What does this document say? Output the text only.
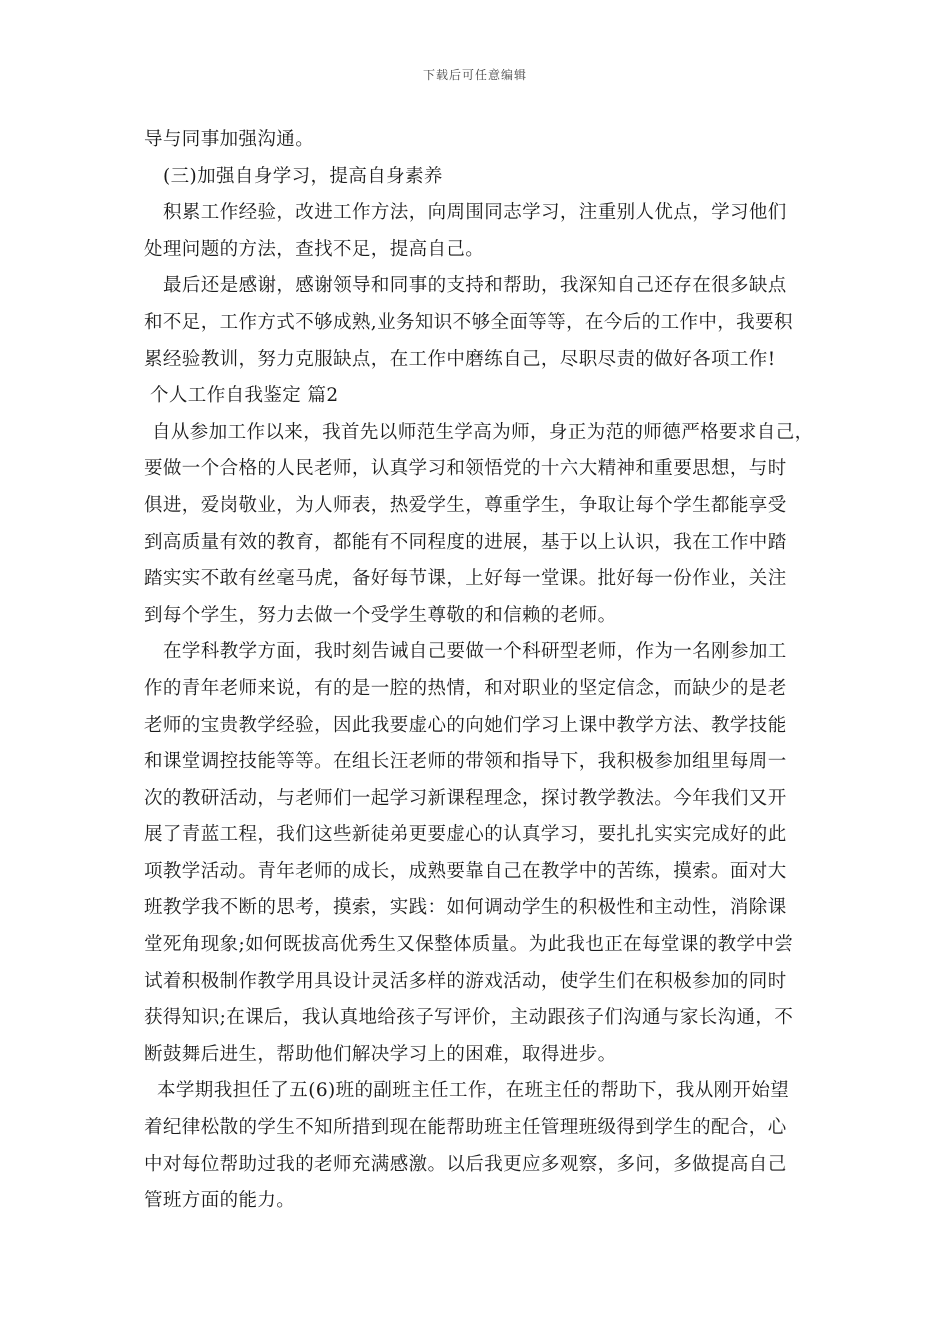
下载后可任意编辑
导与同事加强沟通。
(三)加强自身学习，提高自身素养
积累工作经验，改进工作方法，向周围同志学习，注重别人优点，学习他们
处理问题的方法，查找不足，提高自己。
最后还是感谢，感谢领导和同事的支持和帮助，我深知自己还存在很多缺点
和不足，工作方式不够成熟,业务知识不够全面等等，在今后的工作中，我要积
累经验教训，努力克服缺点，在工作中磨练自己，尽职尽责的做好各项工作!
个人工作自我鉴定 篇2
自从参加工作以来，我首先以师范生学高为师，身正为范的师德严格要求自己，
要做一个合格的人民老师，认真学习和领悟党的十六大精神和重要思想，与时
俱进，爱岗敬业，为人师表，热爱学生，尊重学生，争取让每个学生都能享受
到高质量有效的教育，都能有不同程度的进展，基于以上认识，我在工作中踏
踏实实不敢有丝毫马虎，备好每节课，上好每一堂课。批好每一份作业，关注
到每个学生，努力去做一个受学生尊敬的和信赖的老师。
在学科教学方面，我时刻告诫自己要做一个科研型老师，作为一名刚参加工
作的青年老师来说，有的是一腔的热情，和对职业的坚定信念，而缺少的是老
老师的宝贵教学经验，因此我要虚心的向她们学习上课中教学方法、教学技能
和课堂调控技能等等。在组长汪老师的带领和指导下，我积极参加组里每周一
次的教研活动，与老师们一起学习新课程理念，探讨教学教法。今年我们又开
展了青蓝工程，我们这些新徒弟更要虚心的认真学习，要扎扎实实完成好的此
项教学活动。青年老师的成长，成熟要靠自己在教学中的苦练，摸索。面对大
班教学我不断的思考，摸索，实践：如何调动学生的积极性和主动性，消除课
堂死角现象;如何既拔高优秀生又保整体质量。为此我也正在每堂课的教学中尝
试着积极制作教学用具设计灵活多样的游戏活动，使学生们在积极参加的同时
获得知识;在课后，我认真地给孩子写评价，主动跟孩子们沟通与家长沟通，不
断鼓舞后进生，帮助他们解决学习上的困难，取得进步。
本学期我担任了五(6)班的副班主任工作，在班主任的帮助下，我从刚开始望
着纪律松散的学生不知所措到现在能帮助班主任管理班级得到学生的配合，心
中对每位帮助过我的老师充满感激。以后我更应多观察，多问，多做提高自己
管班方面的能力。
